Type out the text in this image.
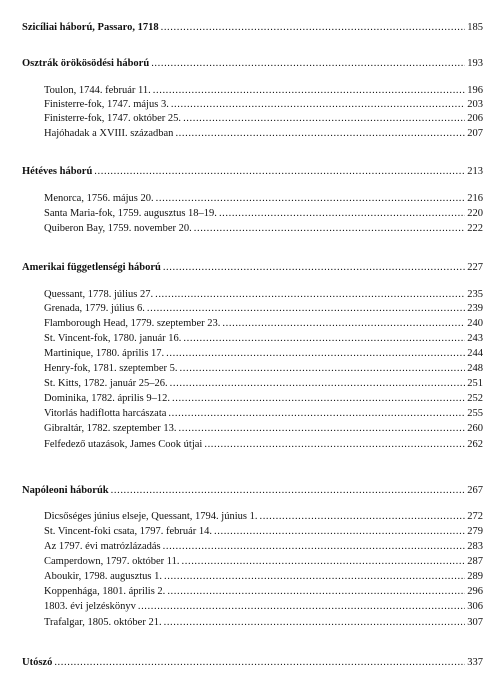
Szicíliai háború, Passaro, 1718 .....	185
Osztrák örökösödési háború .....	193
Toulon, 1744. február 11. .....	196
Finisterre-fok, 1747. május 3. .....	203
Finisterre-fok, 1747. október 25. .....	206
Hajóhadak a XVIII. században .....	207
Hétéves háború .....	213
Menorca, 1756. május 20. .....	216
Santa Maria-fok, 1759. augusztus 18–19. .....	220
Quiberon Bay, 1759. november 20. .....	222
Amerikai függetlenségi háború .....	227
Quessant, 1778. július 27. .....	235
Grenada, 1779. július 6. .....	239
Flamborough Head, 1779. szeptember 23. .....	240
St. Vincent-fok, 1780. január 16. .....	243
Martinique, 1780. április 17. .....	244
Henry-fok, 1781. szeptember 5. .....	248
St. Kitts, 1782. január 25–26. .....	251
Dominika, 1782. április 9–12. .....	252
Vitorlás hadiflotta harcászata .....	255
Gibraltár, 1782. szeptember 13. .....	260
Felfedező utazások, James Cook útjai .....	262
Napóleoni háborúk .....	267
Dicsőséges június elseje, Quessant, 1794. június 1. .....	272
St. Vincent-foki csata, 1797. február 14. .....	279
Az 1797. évi matrózlázadás .....	283
Camperdown, 1797. október 11. .....	287
Aboukir, 1798. augusztus 1. .....	289
Koppenhága, 1801. április 2. .....	296
1803. évi jelzéskönyv .....	306
Trafalgar, 1805. október 21. .....	307
Utószó .....	337
